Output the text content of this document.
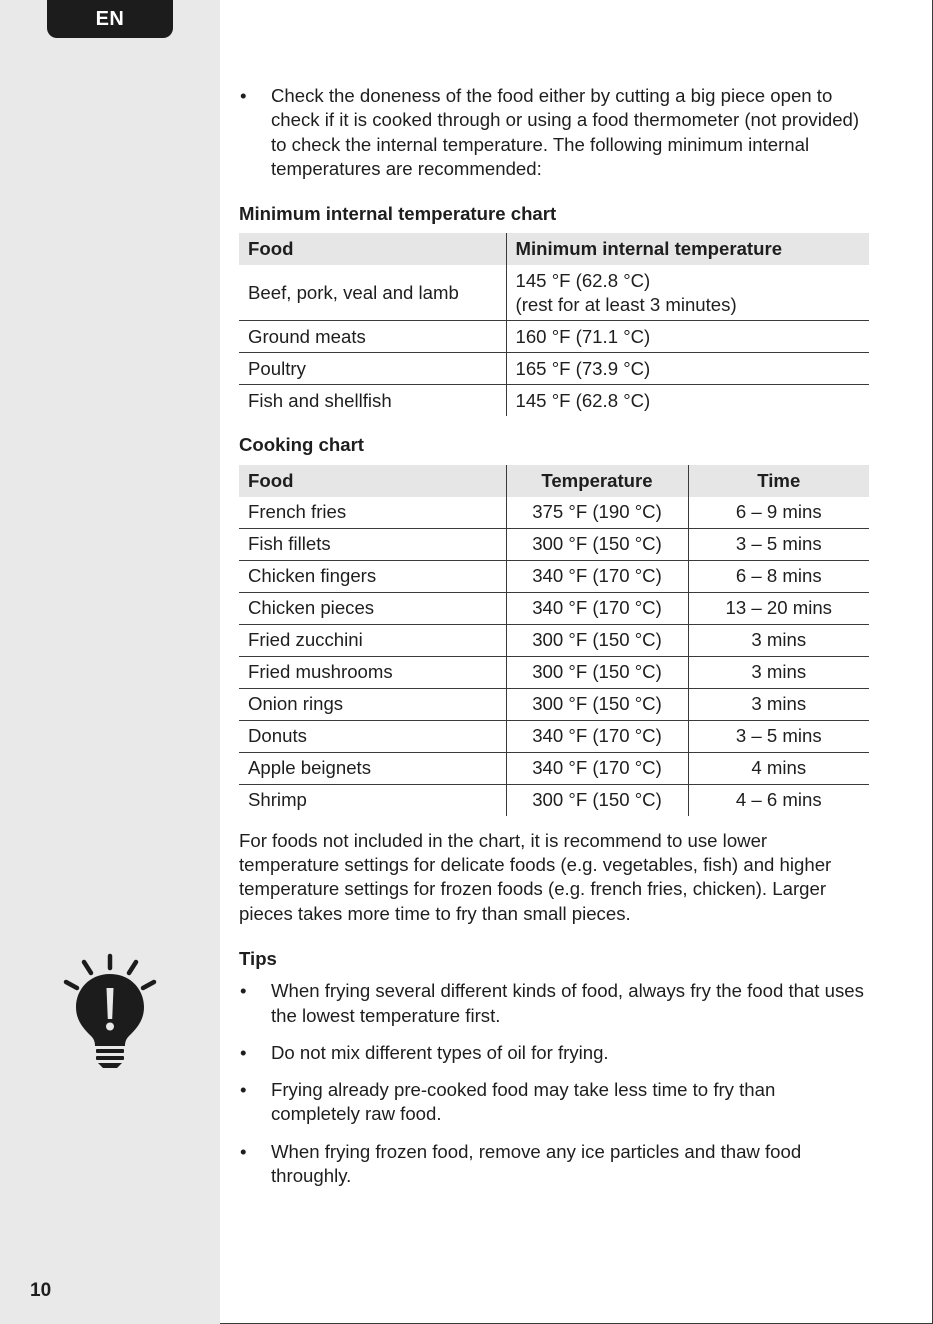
EN
10
• Check the doneness of the food either by cutting a big piece open to check if it is cooked through or using a food thermometer (not provided) to check the internal temperature. The following minimum internal temperatures are recommended:
Minimum internal temperature chart
Food	Minimum internal temperature
Beef, pork, veal and lamb	145 °F (62.8 °C)
(rest for at least 3 minutes)
Ground meats	160 °F (71.1 °C)
Poultry	165 °F (73.9 °C)
Fish and shellfish	145 °F (62.8 °C)
Cooking chart
Food	Temperature	Time
French fries	375 °F (190 °C)	6 – 9 mins
Fish fillets	300 °F (150 °C)	3 – 5 mins
Chicken fingers	340 °F (170 °C)	6 – 8 mins
Chicken pieces	340 °F (170 °C)	13 – 20 mins
Fried zucchini	300 °F (150 °C)	3 mins
Fried mushrooms	300 °F (150 °C)	3 mins
Onion rings	300 °F (150 °C)	3 mins
Donuts	340 °F (170 °C)	3 – 5 mins
Apple beignets	340 °F (170 °C)	4 mins
Shrimp	300 °F (150 °C)	4 – 6 mins
For foods not included in the chart, it is recommend to use lower temperature settings for delicate foods (e.g. vegetables, fish) and higher temperature settings for frozen foods (e.g. french fries, chicken). Larger pieces takes more time to fry than small pieces.
Tips
• When frying several different kinds of food, always fry the food that uses the lowest temperature first.
• Do not mix different types of oil for frying.
• Frying already pre-cooked food may take less time to fry than completely raw food.
• When frying frozen food, remove any ice particles and thaw food throughly.
